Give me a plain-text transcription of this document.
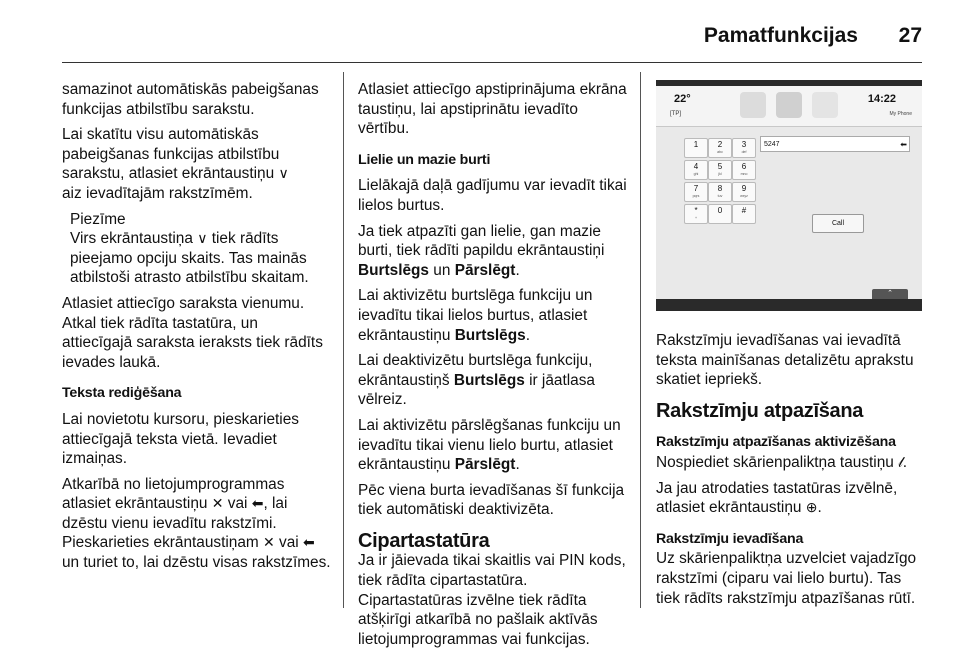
Pamatfunkcijas 27

samazinot automātiskās pabeigšanas funkcijas atbilstību sarakstu.

Lai skatītu visu automātiskās pabeigšanas funkcijas atbilstību sarakstu, atlasiet ekrāntaustiņu ∨
aiz ievadītajām rakstzīmēm.

Piezīme
Virs ekrāntaustiņa ∨ tiek rādīts pieejamo opciju skaits. Tas mainās atbilstoši atrasto atbilstību skaitam.

Atlasiet attiecīgo saraksta vienumu. Atkal tiek rādīta tastatūra, un attiecīgajā saraksta ieraksts tiek rādīts ievades laukā.

Teksta rediģēšana

Lai novietotu kursoru, pieskarieties attiecīgajā teksta vietā. Ievadiet izmaiņas.

Atkarībā no lietojumprogrammas atlasiet ekrāntaustiņu ✕ vai ⬅, lai dzēstu vienu ievadītu rakstzīmi. Pieskarieties ekrāntaustiņam ✕ vai ⬅ un turiet to, lai dzēstu visas rakstzīmes.

Atlasiet attiecīgo apstiprinājuma ekrāna taustiņu, lai apstiprinātu ievadīto vērtību.

Lielie un mazie burti

Lielākajā daļā gadījumu var ievadīt tikai lielos burtus.

Ja tiek atpazīti gan lielie, gan mazie burti, tiek rādīti papildu ekrāntaustiņi Burtslēgs un Pārslēgt.

Lai aktivizētu burtslēga funkciju un ievadītu tikai lielos burtus, atlasiet ekrāntaustiņu Burtslēgs.

Lai deaktivizētu burtslēga funkciju, ekrāntaustiņš Burtslēgs ir jāatlasa vēlreiz.

Lai aktivizētu pārslēgšanas funkciju un ievadītu tikai vienu lielo burtu, atlasiet ekrāntaustiņu Pārslēgt.

Pēc viena burta ievadīšanas šī funkcija tiek automātiski deaktivizēta.

Cipartastatūra

Ja ir jāievada tikai skaitlis vai PIN kods, tiek rādīta cipartastatūra. Cipartastatūras izvēlne tiek rādīta atšķirīgi atkarībā no pašlaik aktīvās lietojumprogrammas vai funkcijas.

22°
[TP]
14:22
My Phone
1	2
abc
3
def
4
ghi
5
jkl
6
mno
7
pqrs
8
tuv
9
wxyz
*
+
0	#
5247	⬅
Call
⌃

Rakstzīmju ievadīšanas vai ievadītā teksta mainīšanas detalizētu aprakstu skatiet iepriekš.

Rakstzīmju atpazīšana

Rakstzīmju atpazīšanas aktivizēšana

Nospiediet skārienpaliktņa taustiņu 𝓁.

Ja jau atrodaties tastatūras izvēlnē, atlasiet ekrāntaustiņu ⊕.

Rakstzīmju ievadīšana

Uz skārienpaliktņa uzvelciet vajadzīgo rakstzīmi (ciparu vai lielo burtu). Tas tiek rādīts rakstzīmju atpazīšanas rūtī.
